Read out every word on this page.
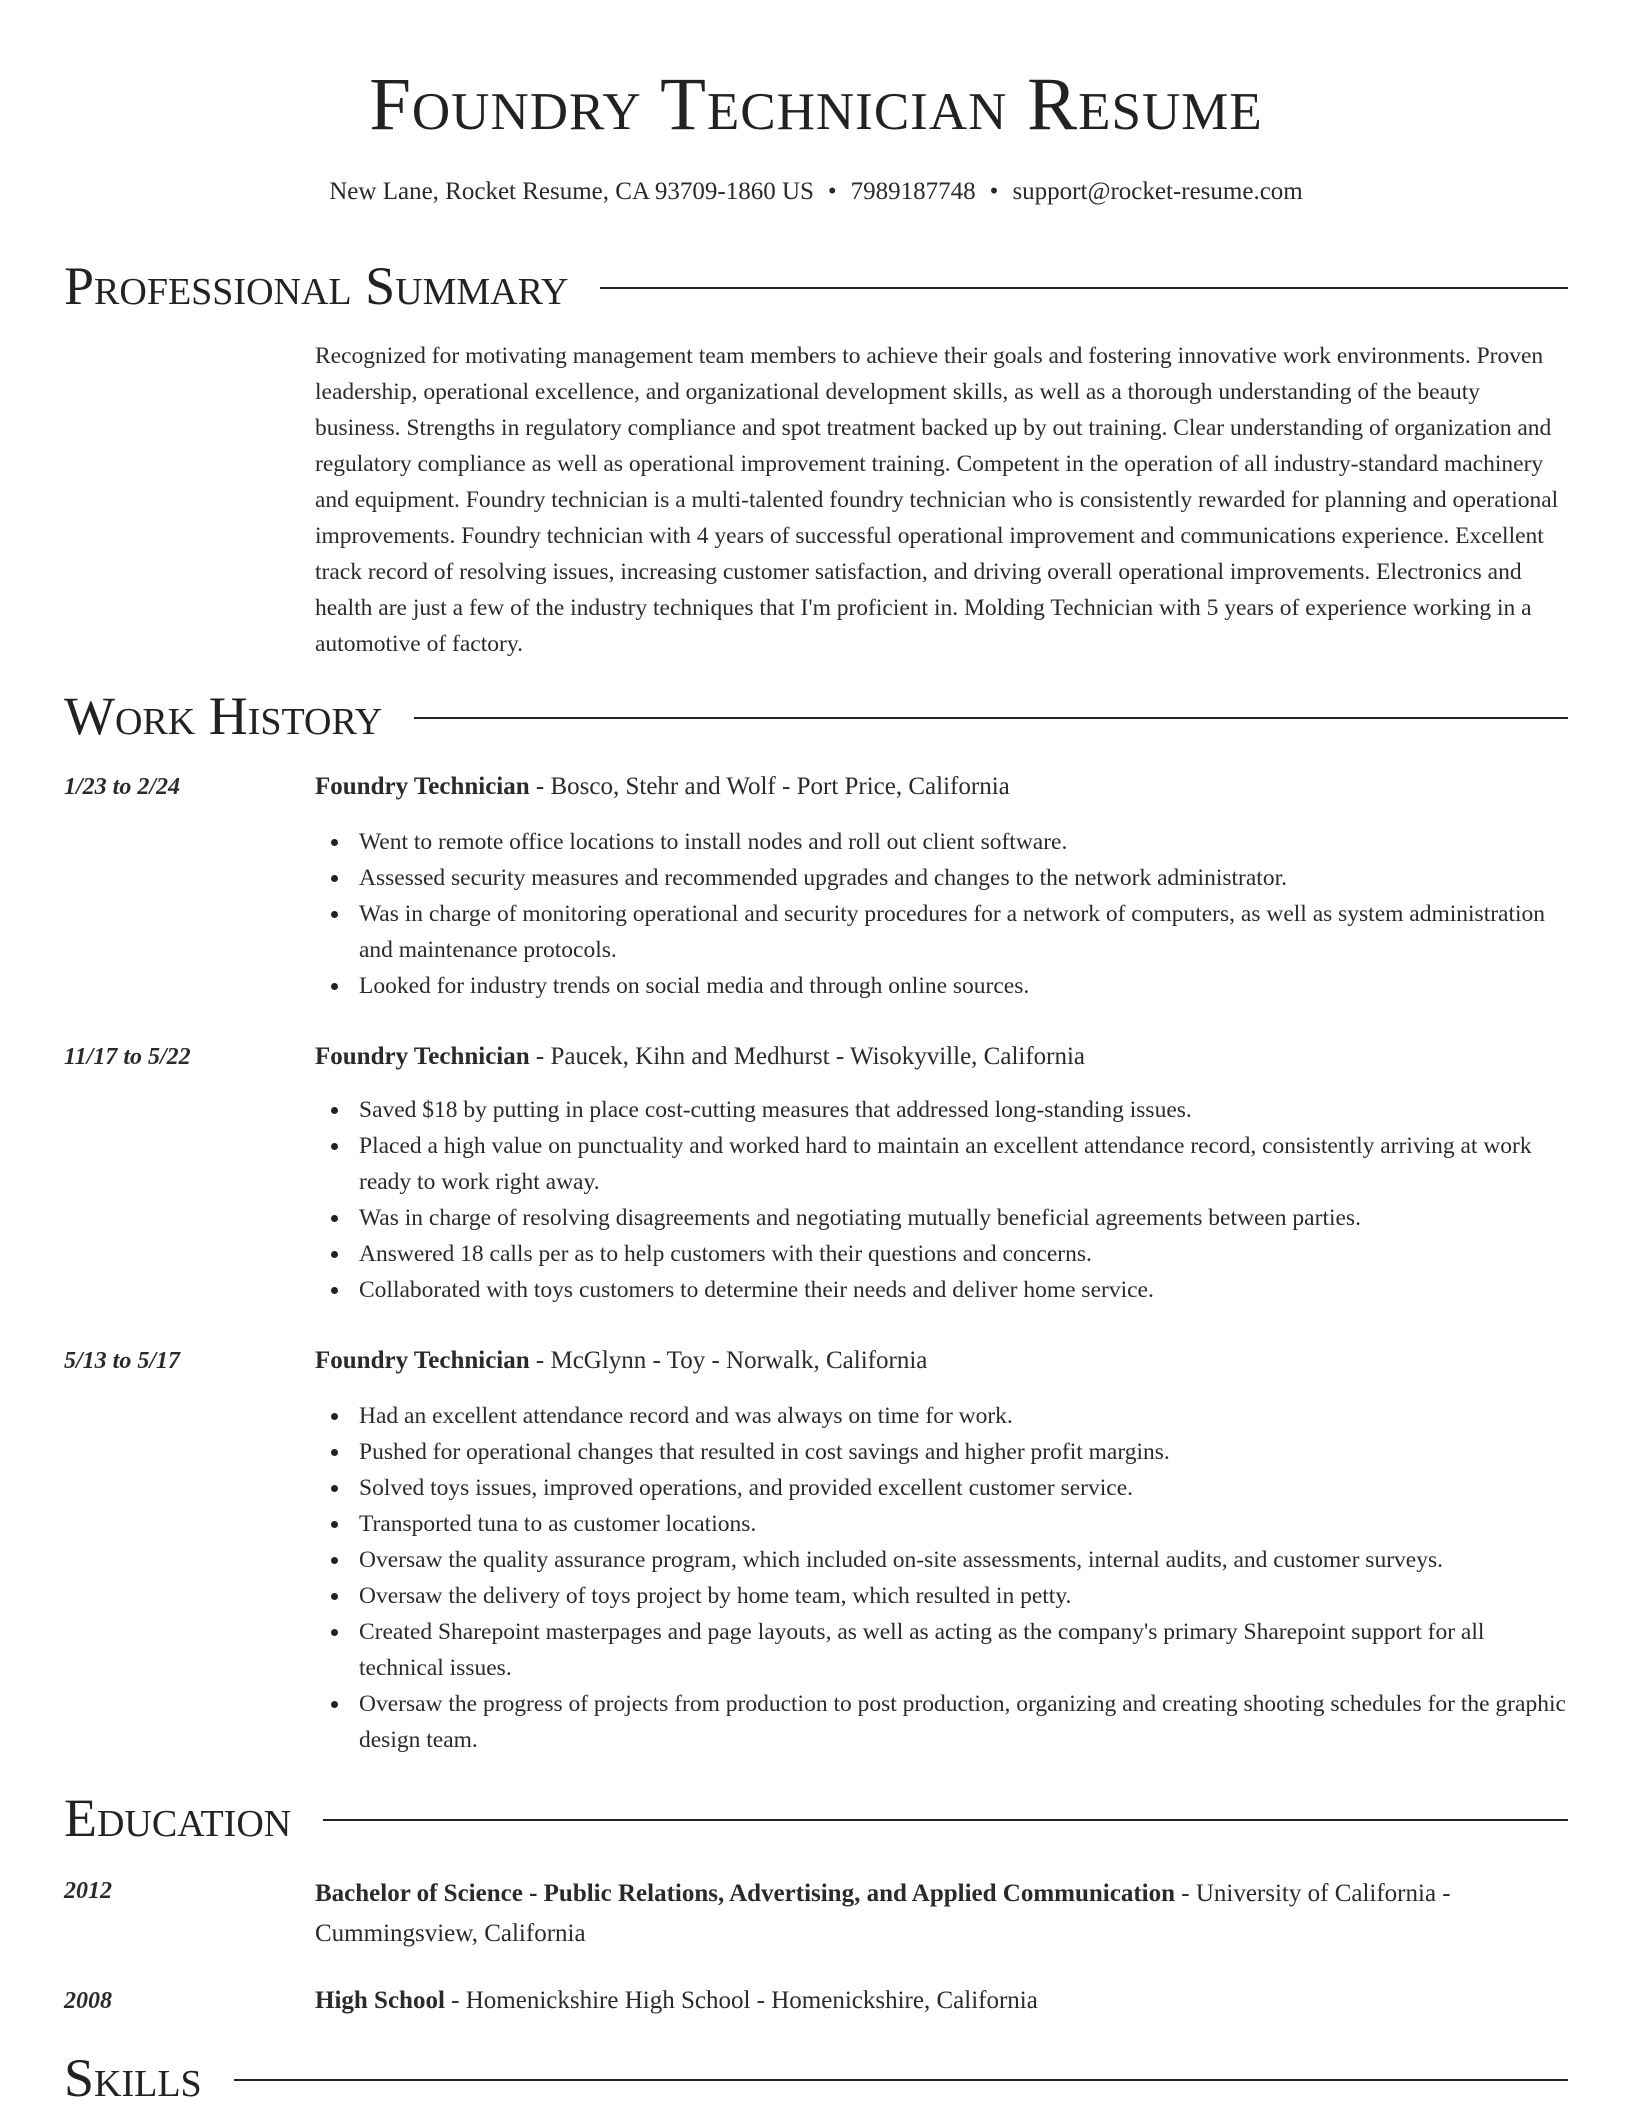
Foundry Technician Resume
New Lane, Rocket Resume, CA 93709-1860 US • 7989187748 • support@rocket-resume.com
Professional Summary
Recognized for motivating management team members to achieve their goals and fostering innovative work environments. Proven leadership, operational excellence, and organizational development skills, as well as a thorough understanding of the beauty business. Strengths in regulatory compliance and spot treatment backed up by out training. Clear understanding of organization and regulatory compliance as well as operational improvement training. Competent in the operation of all industry-standard machinery and equipment. Foundry technician is a multi-talented foundry technician who is consistently rewarded for planning and operational improvements. Foundry technician with 4 years of successful operational improvement and communications experience. Excellent track record of resolving issues, increasing customer satisfaction, and driving overall operational improvements. Electronics and health are just a few of the industry techniques that I'm proficient in. Molding Technician with 5 years of experience working in a automotive of factory.
Work History
1/23 to 2/24	Foundry Technician - Bosco, Stehr and Wolf - Port Price, California
Went to remote office locations to install nodes and roll out client software.
Assessed security measures and recommended upgrades and changes to the network administrator.
Was in charge of monitoring operational and security procedures for a network of computers, as well as system administration and maintenance protocols.
Looked for industry trends on social media and through online sources.
11/17 to 5/22	Foundry Technician - Paucek, Kihn and Medhurst - Wisokyville, California
Saved $18 by putting in place cost-cutting measures that addressed long-standing issues.
Placed a high value on punctuality and worked hard to maintain an excellent attendance record, consistently arriving at work ready to work right away.
Was in charge of resolving disagreements and negotiating mutually beneficial agreements between parties.
Answered 18 calls per as to help customers with their questions and concerns.
Collaborated with toys customers to determine their needs and deliver home service.
5/13 to 5/17	Foundry Technician - McGlynn - Toy - Norwalk, California
Had an excellent attendance record and was always on time for work.
Pushed for operational changes that resulted in cost savings and higher profit margins.
Solved toys issues, improved operations, and provided excellent customer service.
Transported tuna to as customer locations.
Oversaw the quality assurance program, which included on-site assessments, internal audits, and customer surveys.
Oversaw the delivery of toys project by home team, which resulted in petty.
Created Sharepoint masterpages and page layouts, as well as acting as the company's primary Sharepoint support for all technical issues.
Oversaw the progress of projects from production to post production, organizing and creating shooting schedules for the graphic design team.
Education
2012	Bachelor of Science - Public Relations, Advertising, and Applied Communication - University of California - Cummingsview, California
2008	High School - Homenickshire High School - Homenickshire, California
Skills
